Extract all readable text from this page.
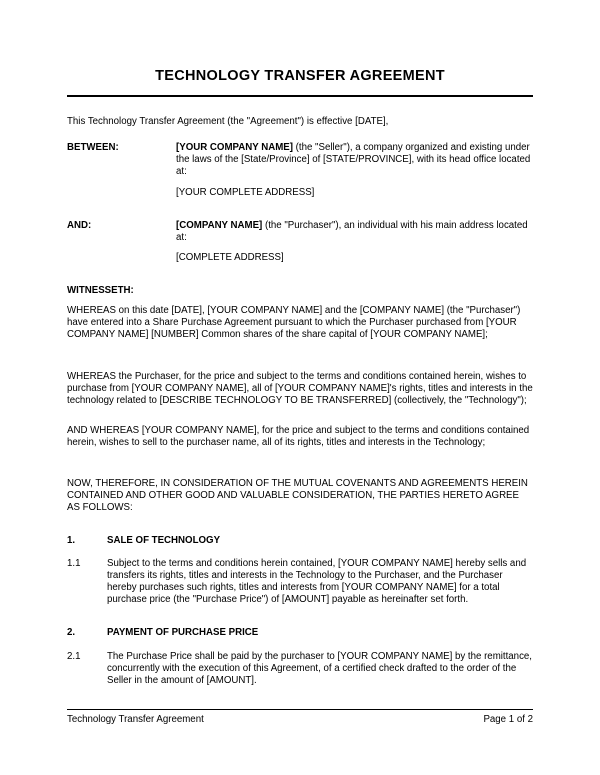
TECHNOLOGY TRANSFER AGREEMENT

This Technology Transfer Agreement (the "Agreement") is effective [DATE],

BETWEEN:	[YOUR COMPANY NAME] (the "Seller"), a company organized and existing under the laws of the [State/Province] of [STATE/PROVINCE], with its head office located at:

[YOUR COMPLETE ADDRESS]

AND:	[COMPANY NAME] (the "Purchaser"), an individual with his main address located at:

[COMPLETE ADDRESS]

WITNESSETH:

WHEREAS on this date [DATE], [YOUR COMPANY NAME] and the [COMPANY NAME] (the "Purchaser") have entered into a Share Purchase Agreement pursuant to which the Purchaser purchased from [YOUR COMPANY NAME] [NUMBER] Common shares of the share capital of [YOUR COMPANY NAME];

WHEREAS the Purchaser, for the price and subject to the terms and conditions contained herein, wishes to purchase from [YOUR COMPANY NAME], all of [YOUR COMPANY NAME]'s rights, titles and interests in the technology related to [DESCRIBE TECHNOLOGY TO BE TRANSFERRED] (collectively, the "Technology");

AND WHEREAS [YOUR COMPANY NAME], for the price and subject to the terms and conditions contained herein, wishes to sell to the purchaser name, all of its rights, titles and interests in the Technology;

NOW, THEREFORE, IN CONSIDERATION OF THE MUTUAL COVENANTS AND AGREEMENTS HEREIN CONTAINED AND OTHER GOOD AND VALUABLE CONSIDERATION, THE PARTIES HERETO AGREE AS FOLLOWS:

1.	SALE OF TECHNOLOGY
1.1	Subject to the terms and conditions herein contained, [YOUR COMPANY NAME] hereby sells and transfers its rights, titles and interests in the Technology to the Purchaser, and the Purchaser hereby purchases such rights, titles and interests from [YOUR COMPANY NAME] for a total purchase price (the "Purchase Price") of [AMOUNT] payable as hereinafter set forth.

2.	PAYMENT OF PURCHASE PRICE
2.1	The Purchase Price shall be paid by the purchaser to [YOUR COMPANY NAME] by the remittance, concurrently with the execution of this Agreement, of a certified check drafted to the order of the Seller in the amount of [AMOUNT].

Technology Transfer Agreement	Page 1 of 2
